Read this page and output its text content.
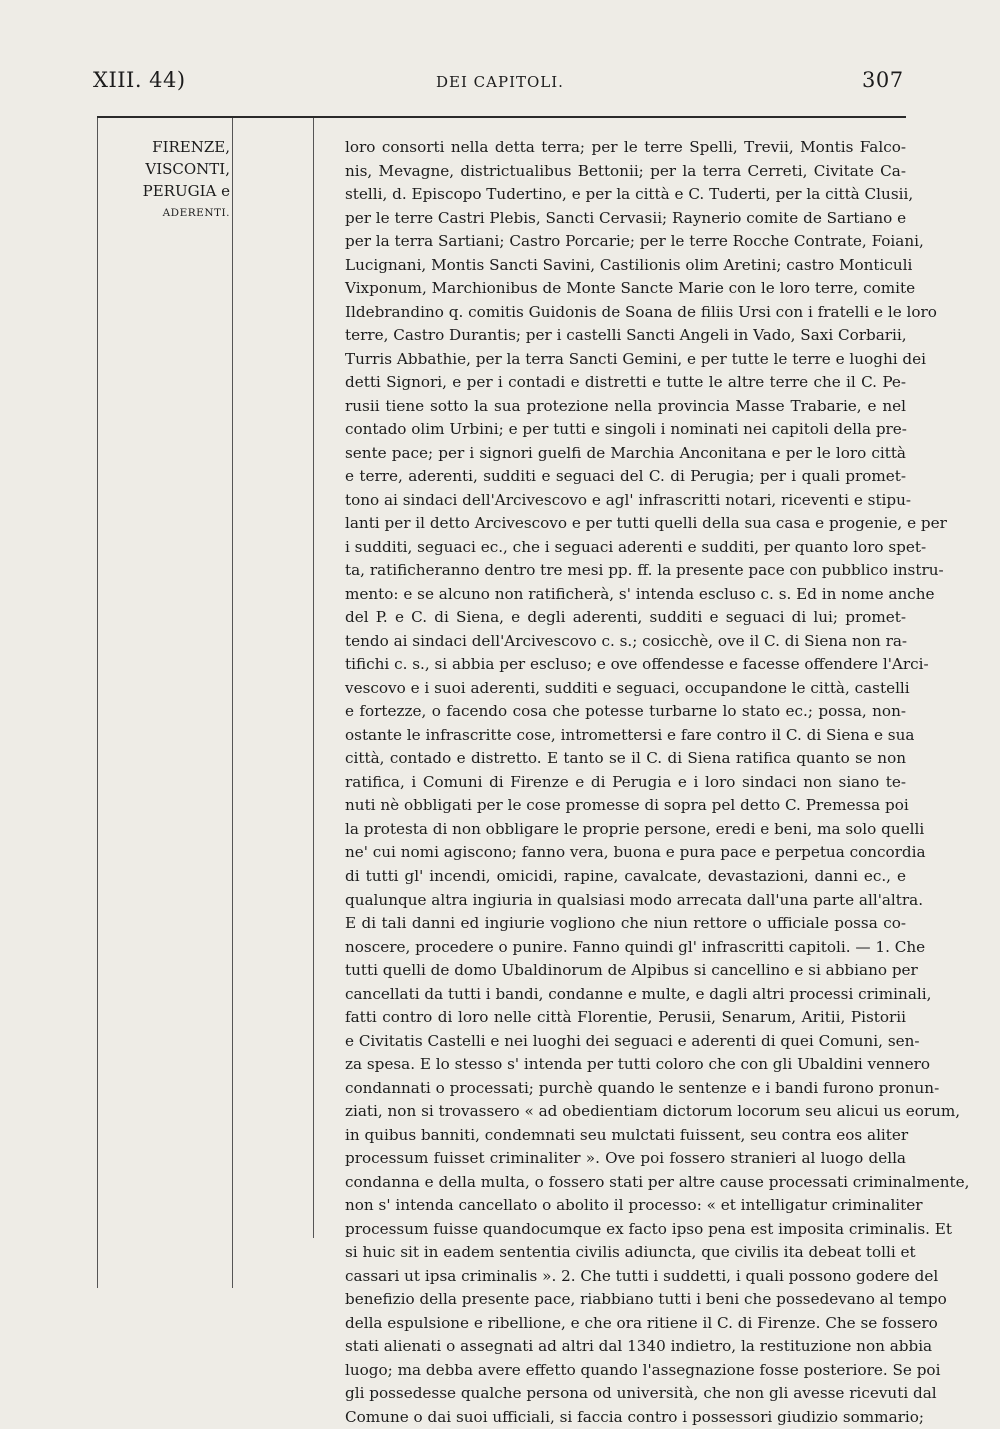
XIII. 44)	DEI CAPITOLI.	307
FIRENZE,
VISCONTI,
PERUGIA e
ADERENTI.
loro consorti nella detta terra; per le terre Spelli, Trevii, Montis Falco-
nis, Mevagne, districtualibus Bettonii; per la terra Cerreti, Civitate Ca-
stelli, d. Episcopo Tudertino, e per la città e C. Tuderti, per la città Clusii,
per le terre Castri Plebis, Sancti Cervasii; Raynerio comite de Sartiano e
per la terra Sartiani; Castro Porcarie; per le terre Rocche Contrate, Foiani,
Lucignani, Montis Sancti Savini, Castilionis olim Aretini; castro Monticuli
Vixponum, Marchionibus de Monte Sancte Marie con le loro terre, comite
Ildebrandino q. comitis Guidonis de Soana de filiis Ursi con i fratelli e le loro
terre, Castro Durantis; per i castelli Sancti Angeli in Vado, Saxi Corbarii,
Turris Abbathie, per la terra Sancti Gemini, e per tutte le terre e luoghi dei
detti Signori, e per i contadi e distretti e tutte le altre terre che il C. Pe-
rusii tiene sotto la sua protezione nella provincia Masse Trabarie, e nel
contado olim Urbini; e per tutti e singoli i nominati nei capitoli della pre-
sente pace; per i signori guelfi de Marchia Anconitana e per le loro città
e terre, aderenti, sudditi e seguaci del C. di Perugia; per i quali promet-
tono ai sindaci dell'Arcivescovo e agl' infrascritti notari, riceventi e stipu-
lanti per il detto Arcivescovo e per tutti quelli della sua casa e progenie, e per
i sudditi, seguaci ec., che i seguaci aderenti e sudditi, per quanto loro spet-
ta, ratificheranno dentro tre mesi pp. ff. la presente pace con pubblico instru-
mento: e se alcuno non ratificherà, s' intenda escluso c. s. Ed in nome anche
del P. e C. di Siena, e degli aderenti, sudditi e seguaci di lui; promet-
tendo ai sindaci dell'Arcivescovo c. s.; cosicchè, ove il C. di Siena non ra-
tifichi c. s., si abbia per escluso; e ove offendesse e facesse offendere l'Arci-
vescovo e i suoi aderenti, sudditi e seguaci, occupandone le città, castelli
e fortezze, o facendo cosa che potesse turbarne lo stato ec.; possa, non-
ostante le infrascritte cose, intromettersi e fare contro il C. di Siena e sua
città, contado e distretto. E tanto se il C. di Siena ratifica quanto se non
ratifica, i Comuni di Firenze e di Perugia e i loro sindaci non siano te-
nuti nè obbligati per le cose promesse di sopra pel detto C. Premessa poi
la protesta di non obbligare le proprie persone, eredi e beni, ma solo quelli
ne' cui nomi agiscono; fanno vera, buona e pura pace e perpetua concordia
di tutti gl' incendi, omicidi, rapine, cavalcate, devastazioni, danni ec., e
qualunque altra ingiuria in qualsiasi modo arrecata dall'una parte all'altra.
E di tali danni ed ingiurie vogliono che niun rettore o ufficiale possa co-
noscere, procedere o punire. Fanno quindi gl' infrascritti capitoli. — 1. Che
tutti quelli de domo Ubaldinorum de Alpibus si cancellino e si abbiano per
cancellati da tutti i bandi, condanne e multe, e dagli altri processi criminali,
fatti contro di loro nelle città Florentie, Perusii, Senarum, Aritii, Pistorii
e Civitatis Castelli e nei luoghi dei seguaci e aderenti di quei Comuni, sen-
za spesa. E lo stesso s' intenda per tutti coloro che con gli Ubaldini vennero
condannati o processati; purchè quando le sentenze e i bandi furono pronun-
ziati, non si trovassero « ad obedientiam dictorum locorum seu alicui us eorum,
in quibus banniti, condemnati seu mulctati fuissent, seu contra eos aliter
processum fuisset criminaliter ». Ove poi fossero stranieri al luogo della
condanna e della multa, o fossero stati per altre cause processati criminalmente,
non s' intenda cancellato o abolito il processo: « et intelligatur criminaliter
processum fuisse quandocumque ex facto ipso pena est imposita criminalis. Et
si huic sit in eadem sententia civilis adiuncta, que civilis ita debeat tolli et
cassari ut ipsa criminalis ». 2. Che tutti i suddetti, i quali possono godere del
benefizio della presente pace, riabbiano tutti i beni che possedevano al tempo
della espulsione e ribellione, e che ora ritiene il C. di Firenze. Che se fossero
stati alienati o assegnati ad altri dal 1340 indietro, la restituzione non abbia
luogo; ma debba avere effetto quando l'assegnazione fosse posteriore. Se poi
gli possedesse qualche persona od università, che non gli avesse ricevuti dal
Comune o dai suoi ufficiali, si faccia contro i possessori giudizio sommario;
